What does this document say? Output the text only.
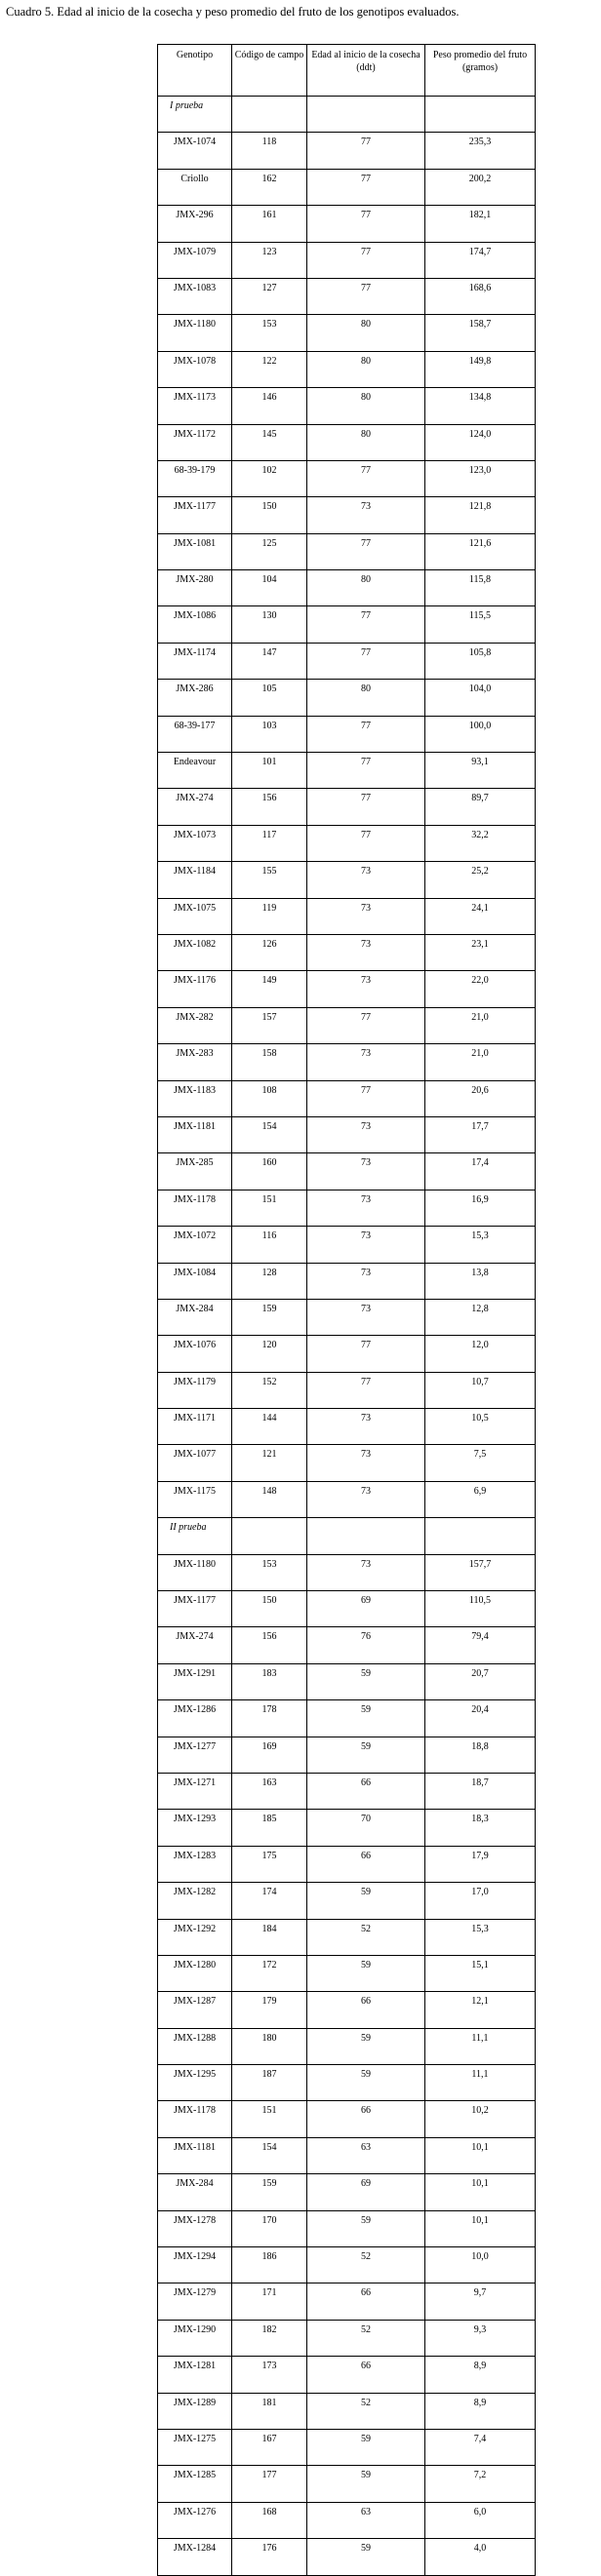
Cuadro 5. Edad al inicio de la cosecha y peso promedio del fruto de los genotipos evaluados.
Genotipo	Código de campo	Edad al inicio de la cosecha (ddt)	Peso promedio del fruto (gramos)
I prueba			
JMX-1074	118	77	235,3
Criollo	162	77	200,2
JMX-296	161	77	182,1
JMX-1079	123	77	174,7
JMX-1083	127	77	168,6
JMX-1180	153	80	158,7
JMX-1078	122	80	149,8
JMX-1173	146	80	134,8
JMX-1172	145	80	124,0
68-39-179	102	77	123,0
JMX-1177	150	73	121,8
JMX-1081	125	77	121,6
JMX-280	104	80	115,8
JMX-1086	130	77	115,5
JMX-1174	147	77	105,8
JMX-286	105	80	104,0
68-39-177	103	77	100,0
Endeavour	101	77	93,1
JMX-274	156	77	89,7
JMX-1073	117	77	32,2
JMX-1184	155	73	25,2
JMX-1075	119	73	24,1
JMX-1082	126	73	23,1
JMX-1176	149	73	22,0
JMX-282	157	77	21,0
JMX-283	158	73	21,0
JMX-1183	108	77	20,6
JMX-1181	154	73	17,7
JMX-285	160	73	17,4
JMX-1178	151	73	16,9
JMX-1072	116	73	15,3
JMX-1084	128	73	13,8
JMX-284	159	73	12,8
JMX-1076	120	77	12,0
JMX-1179	152	77	10,7
JMX-1171	144	73	10,5
JMX-1077	121	73	7,5
JMX-1175	148	73	6,9
II prueba			
JMX-1180	153	73	157,7
JMX-1177	150	69	110,5
JMX-274	156	76	79,4
JMX-1291	183	59	20,7
JMX-1286	178	59	20,4
JMX-1277	169	59	18,8
JMX-1271	163	66	18,7
JMX-1293	185	70	18,3
JMX-1283	175	66	17,9
JMX-1282	174	59	17,0
JMX-1292	184	52	15,3
JMX-1280	172	59	15,1
JMX-1287	179	66	12,1
JMX-1288	180	59	11,1
JMX-1295	187	59	11,1
JMX-1178	151	66	10,2
JMX-1181	154	63	10,1
JMX-284	159	69	10,1
JMX-1278	170	59	10,1
JMX-1294	186	52	10,0
JMX-1279	171	66	9,7
JMX-1290	182	52	9,3
JMX-1281	173	66	8,9
JMX-1289	181	52	8,9
JMX-1275	167	59	7,4
JMX-1285	177	59	7,2
JMX-1276	168	63	6,0
JMX-1284	176	59	4,0
